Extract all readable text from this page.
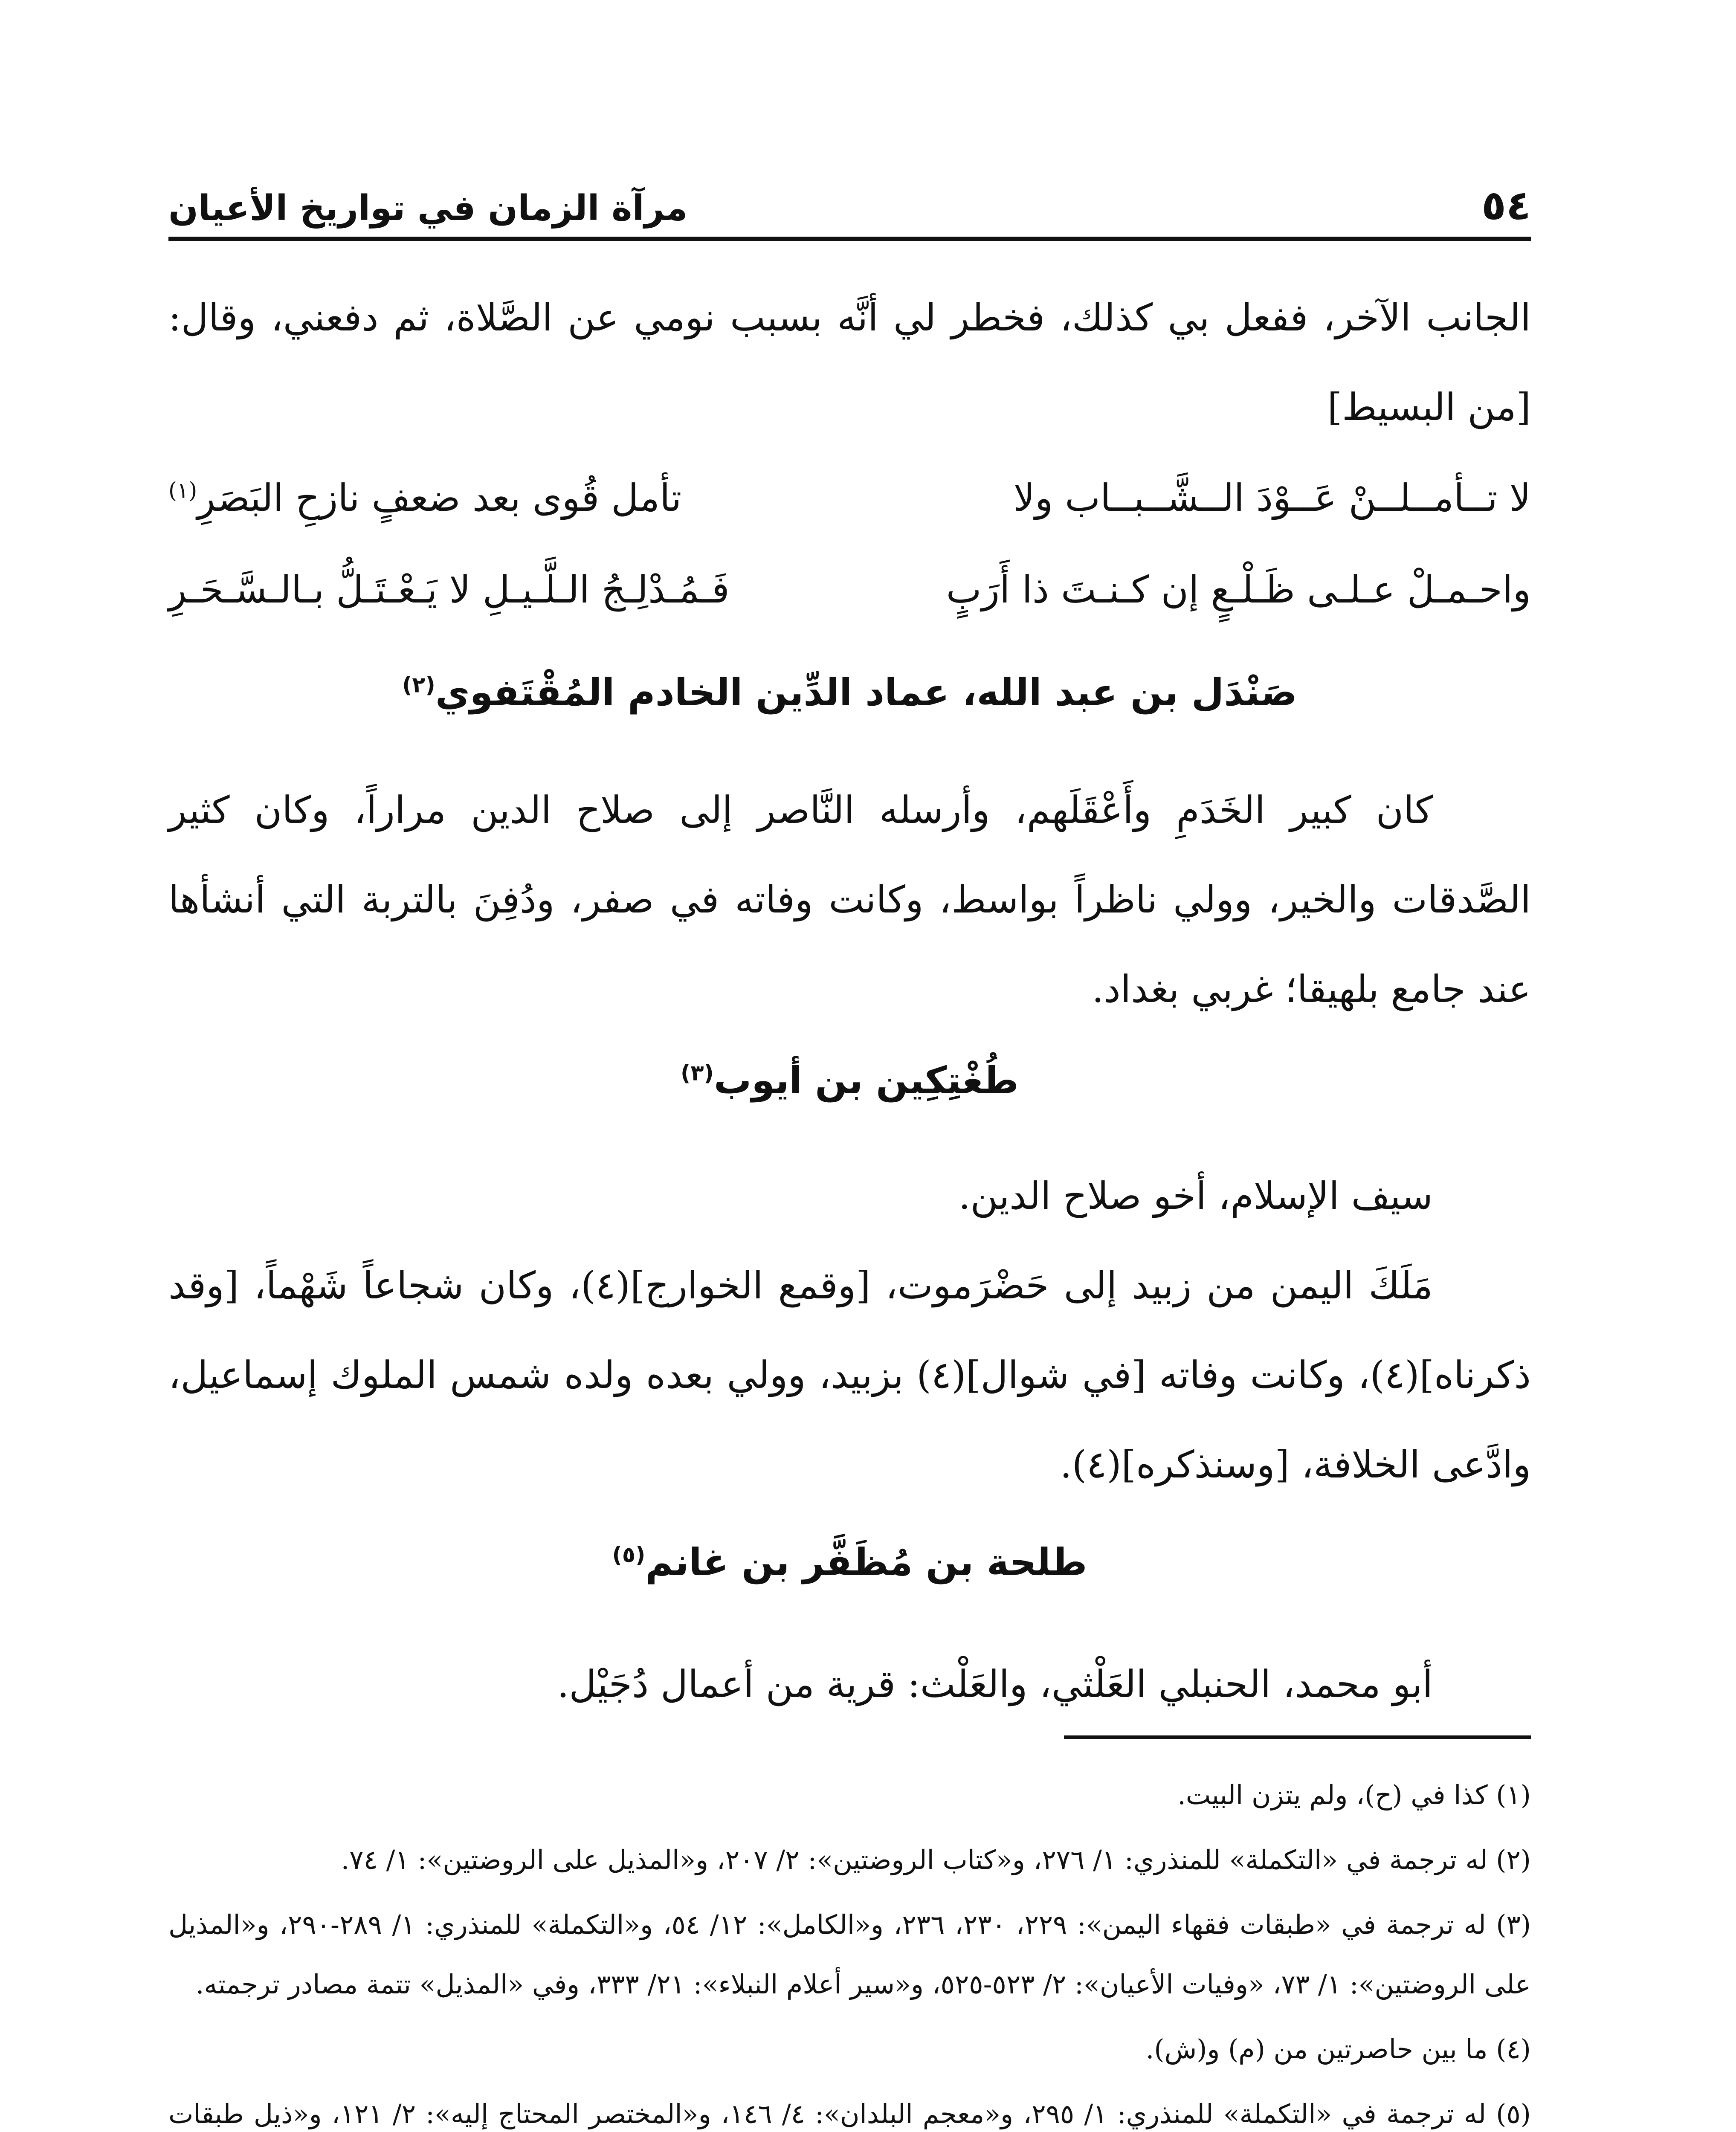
٥٤
مرآة الزمان في تواريخ الأعيان

الجانب الآخر، ففعل بي كذلك، فخطر لي أنَّه بسبب نومي عن الصَّلاة، ثم دفعني، وقال: [من البسيط]

لا تــأمــلــنْ عَــوْدَ الــشَّــبــاب ولا
تأمل قُوى بعد ضعفٍ نازحِ البَصَرِ$^{(١)}$
واحـمـلْ عـلـى ظَـلْـعٍ إن كـنـتَ ذا أَرَبٍ
فَـمُـدْلِـجُ الـلَّـيـلِ لا يَـعْـتَـلُّ بـالـسَّـحَـرِ
صَنْدَل بن عبد الله، عماد الدِّين الخادم المُقْتَفوي$^{(٢)}$

كان كبير الخَدَمِ وأَعْقَلَهم، وأرسله النَّاصر إلى صلاح الدين مراراً، وكان كثير الصَّدقات والخير، وولي ناظراً بواسط، وكانت وفاته في صفر، ودُفِنَ بالتربة التي أنشأها عند جامع بلهيقا؛ غربي بغداد.

طُغْتِكِين بن أيوب$^{(٣)}$

سيف الإسلام، أخو صلاح الدين.

مَلَكَ اليمن من زبيد إلى حَضْرَموت، [وقمع الخوارج](٤)، وكان شجاعاً شَهْماً، [وقد ذكرناه](٤)، وكانت وفاته [في شوال](٤) بزبيد، وولي بعده ولده شمس الملوك إسماعيل، وادَّعى الخلافة، [وسنذكره](٤).

طلحة بن مُظَفَّر بن غانم$^{(٥)}$

أبو محمد، الحنبلي العَلْثي، والعَلْث: قرية من أعمال دُجَيْل.

(١) كذا في (ح)، ولم يتزن البيت.

(٢) له ترجمة في «التكملة» للمنذري: ١/ ٢٧٦، و«كتاب الروضتين»: ٢/ ٢٠٧، و«المذيل على الروضتين»: ١/ ٧٤.

(٣) له ترجمة في «طبقات فقهاء اليمن»: ٢٢٩، ٢٣٠، ٢٣٦، و«الكامل»: ١٢/ ٥٤، و«التكملة» للمنذري: ١/ ٢٨٩-٢٩٠، و«المذيل على الروضتين»: ١/ ٧٣، «وفيات الأعيان»: ٢/ ٥٢٣-٥٢٥، و«سير أعلام النبلاء»: ٢١/ ٣٣٣، وفي «المذيل» تتمة مصادر ترجمته.

(٤) ما بين حاصرتين من (م) و(ش).

(٥) له ترجمة في «التكملة» للمنذري: ١/ ٢٩٥، و«معجم البلدان»: ٤/ ١٤٦، و«المختصر المحتاج إليه»: ٢/ ١٢١، و«ذيل طبقات
